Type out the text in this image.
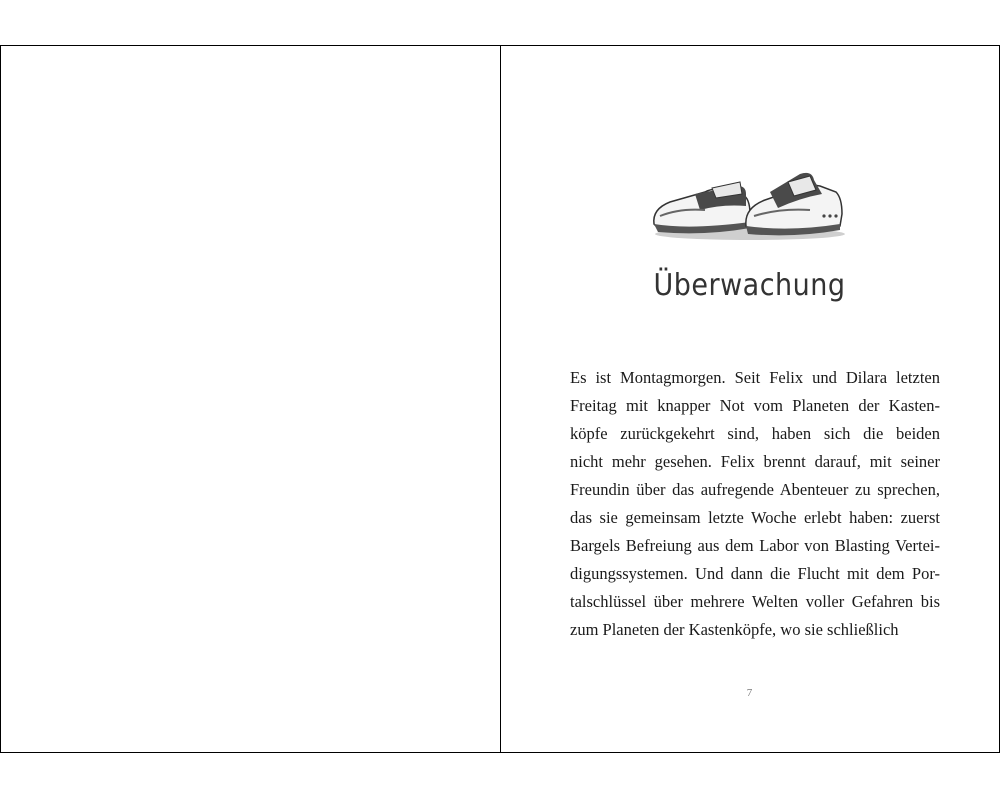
Überwachung
Es ist Montagmorgen. Seit Felix und Dilara letzten
Freitag mit knapper Not vom Planeten der Kasten-
köpfe zurückgekehrt sind, haben sich die beiden
nicht mehr gesehen. Felix brennt darauf, mit seiner
Freundin über das aufregende Abenteuer zu sprechen,
das sie gemeinsam letzte Woche erlebt haben: zuerst
Bargels Befreiung aus dem Labor von Blasting Vertei-
digungssystemen. Und dann die Flucht mit dem Por-
talschlüssel über mehrere Welten voller Gefahren bis
zum Planeten der Kastenköpfe, wo sie schließlich
7
